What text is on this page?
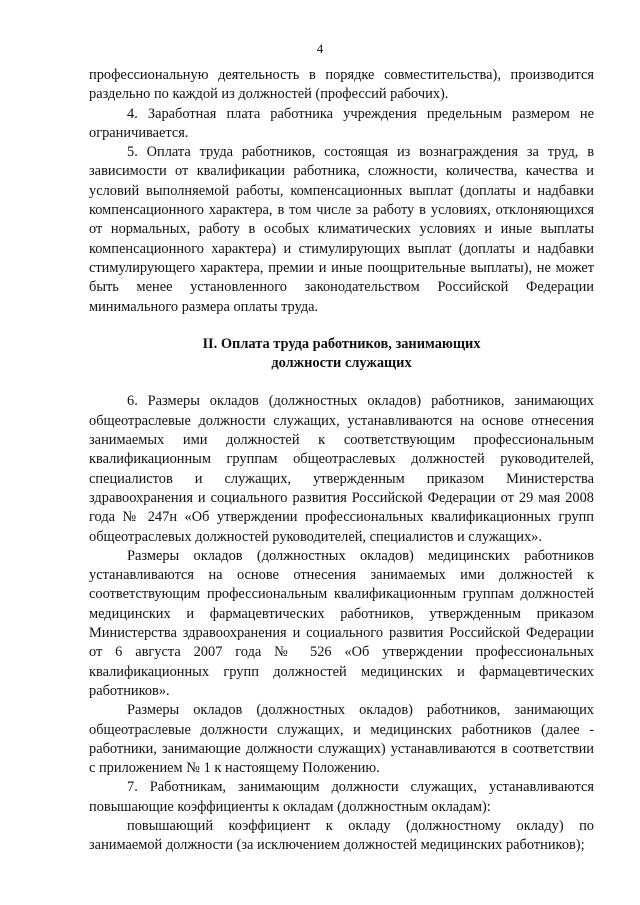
4

профессиональную деятельность в порядке совместительства), производится раздельно по каждой из должностей (профессий рабочих).

4. Заработная плата работника учреждения предельным размером не ограничивается.

5. Оплата труда работников, состоящая из вознаграждения за труд, в зависимости от квалификации работника, сложности, количества, качества и условий выполняемой работы, компенсационных выплат (доплаты и надбавки компенсационного характера, в том числе за работу в условиях, отклоняющихся от нормальных, работу в особых климатических условиях и иные выплаты компенсационного характера) и стимулирующих выплат (доплаты и надбавки стимулирующего характера, премии и иные поощрительные выплаты), не может быть менее установленного законодательством Российской Федерации минимального размера оплаты труда.

II. Оплата труда работников, занимающих

должности служащих

6. Размеры окладов (должностных окладов) работников, занимающих общеотраслевые должности служащих, устанавливаются на основе отнесения занимаемых ими должностей к соответствующим профессиональным квалификационным группам общеотраслевых должностей руководителей, специалистов и служащих, утвержденным приказом Министерства здравоохранения и социального развития Российской Федерации от 29 мая 2008 года № 247н «Об утверждении профессиональных квалификационных групп общеотраслевых должностей руководителей, специалистов и служащих».

Размеры окладов (должностных окладов) медицинских работников устанавливаются на основе отнесения занимаемых ими должностей к соответствующим профессиональным квалификационным группам должностей медицинских и фармацевтических работников, утвержденным приказом Министерства здравоохранения и социального развития Российской Федерации от 6 августа 2007 года № 526 «Об утверждении профессиональных квалификационных групп должностей медицинских и фармацевтических работников».

Размеры окладов (должностных окладов) работников, занимающих общеотраслевые должности служащих, и медицинских работников (далее - работники, занимающие должности служащих) устанавливаются в соответствии с приложением № 1 к настоящему Положению.

7. Работникам, занимающим должности служащих, устанавливаются повышающие коэффициенты к окладам (должностным окладам):

повышающий коэффициент к окладу (должностному окладу) по занимаемой должности (за исключением должностей медицинских работников);
